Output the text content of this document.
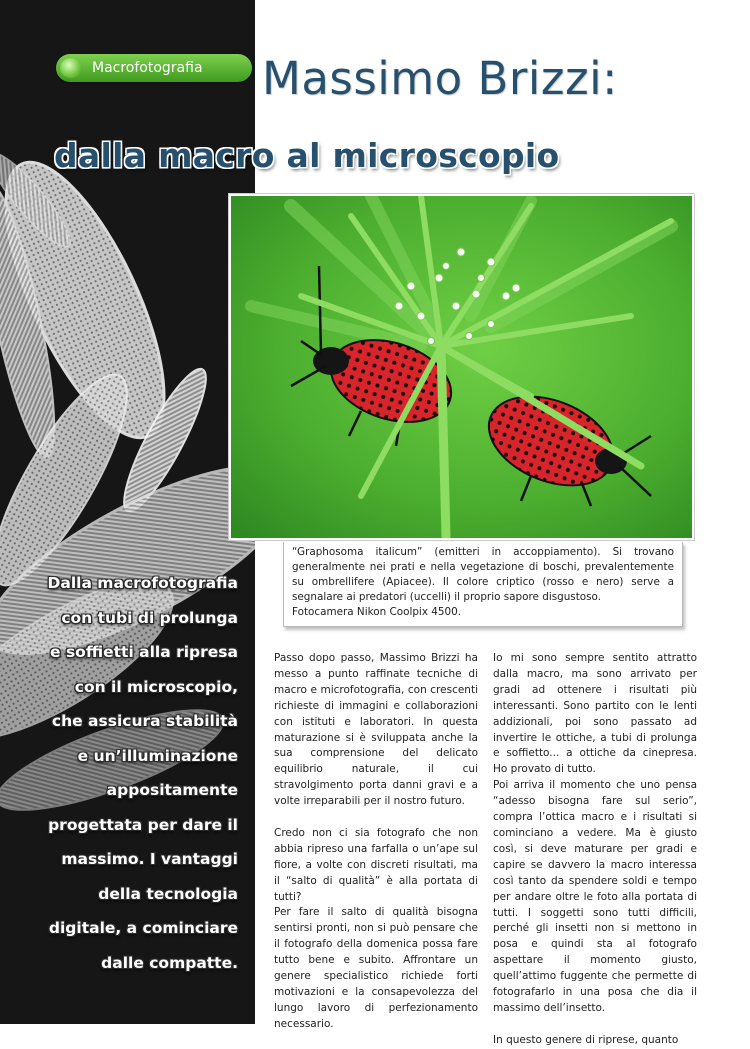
Macrofotografia Massimo Brizzi:
dalla macro al microscopio

“Graphosoma italicum” (emitteri in accoppiamento). Si trovano generalmente nei prati e nella vegetazione di boschi, prevalentemente su ombrellifere (Apiacee). Il colore criptico (rosso e nero) serve a segnalare ai predatori (uccelli) il proprio sapore disgustoso.

Fotocamera Nikon Coolpix 4500.

Dalla macrofotografia
con tubi di prolunga
e soffietti alla ripresa
con il microscopio,
che assicura stabilità
e un’illuminazione
appositamente
progettata per dare il
massimo. I vantaggi
della tecnologia
digitale, a cominciare
dalle compatte.

Passo dopo passo, Massimo Brizzi ha messo a punto raffinate tecniche di macro e microfotografia, con crescenti richieste di immagini e collaborazioni con istituti e laboratori. In questa maturazione si è sviluppata anche la sua comprensione del delicato equilibrio naturale, il cui stravolgimento porta danni gravi e a volte irreparabili per il nostro futuro.

Credo non ci sia fotografo che non abbia ripreso una farfalla o un’ape sul fiore, a volte con discreti risultati, ma il “salto di qualità” è alla portata di tutti?

Per fare il salto di qualità bisogna sentirsi pronti, non si può pensare che il fotografo della domenica possa fare tutto bene e subito. Affrontare un genere specialistico richiede forti motivazioni e la consapevolezza del lungo lavoro di perfezionamento necessario.

Io mi sono sempre sentito attratto dalla macro, ma sono arrivato per gradi ad ottenere i risultati più interessanti. Sono partito con le lenti addizionali, poi sono passato ad invertire le ottiche, a tubi di prolunga e soffietto... a ottiche da cinepresa. Ho provato di tutto.

Poi arriva il momento che uno pensa “adesso bisogna fare sul serio”, compra l’ottica macro e i risultati si cominciano a vedere. Ma è giusto così, si deve maturare per gradi e capire se davvero la macro interessa così tanto da spendere soldi e tempo per andare oltre le foto alla portata di tutti. I soggetti sono tutti difficili, perché gli insetti non si mettono in posa e quindi sta al fotografo aspettare il momento giusto, quell’attimo fuggente che permette di fotografarlo in una posa che dia il massimo dell’insetto.

In questo genere di riprese, quanto
